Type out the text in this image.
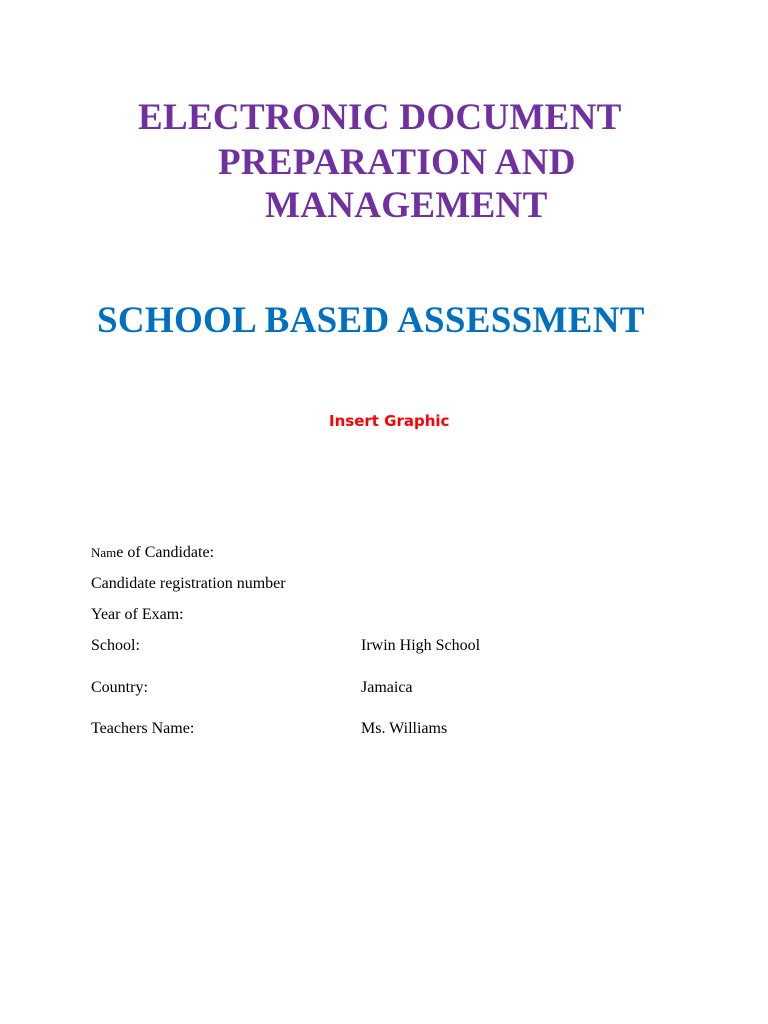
ELECTRONIC DOCUMENT
PREPARATION AND
MANAGEMENT
SCHOOL BASED ASSESSMENT
Insert Graphic
Name of Candidate:
Candidate registration number
Year of Exam:
School:	Irwin High School
Country:	Jamaica
Teachers Name:	Ms. Williams
